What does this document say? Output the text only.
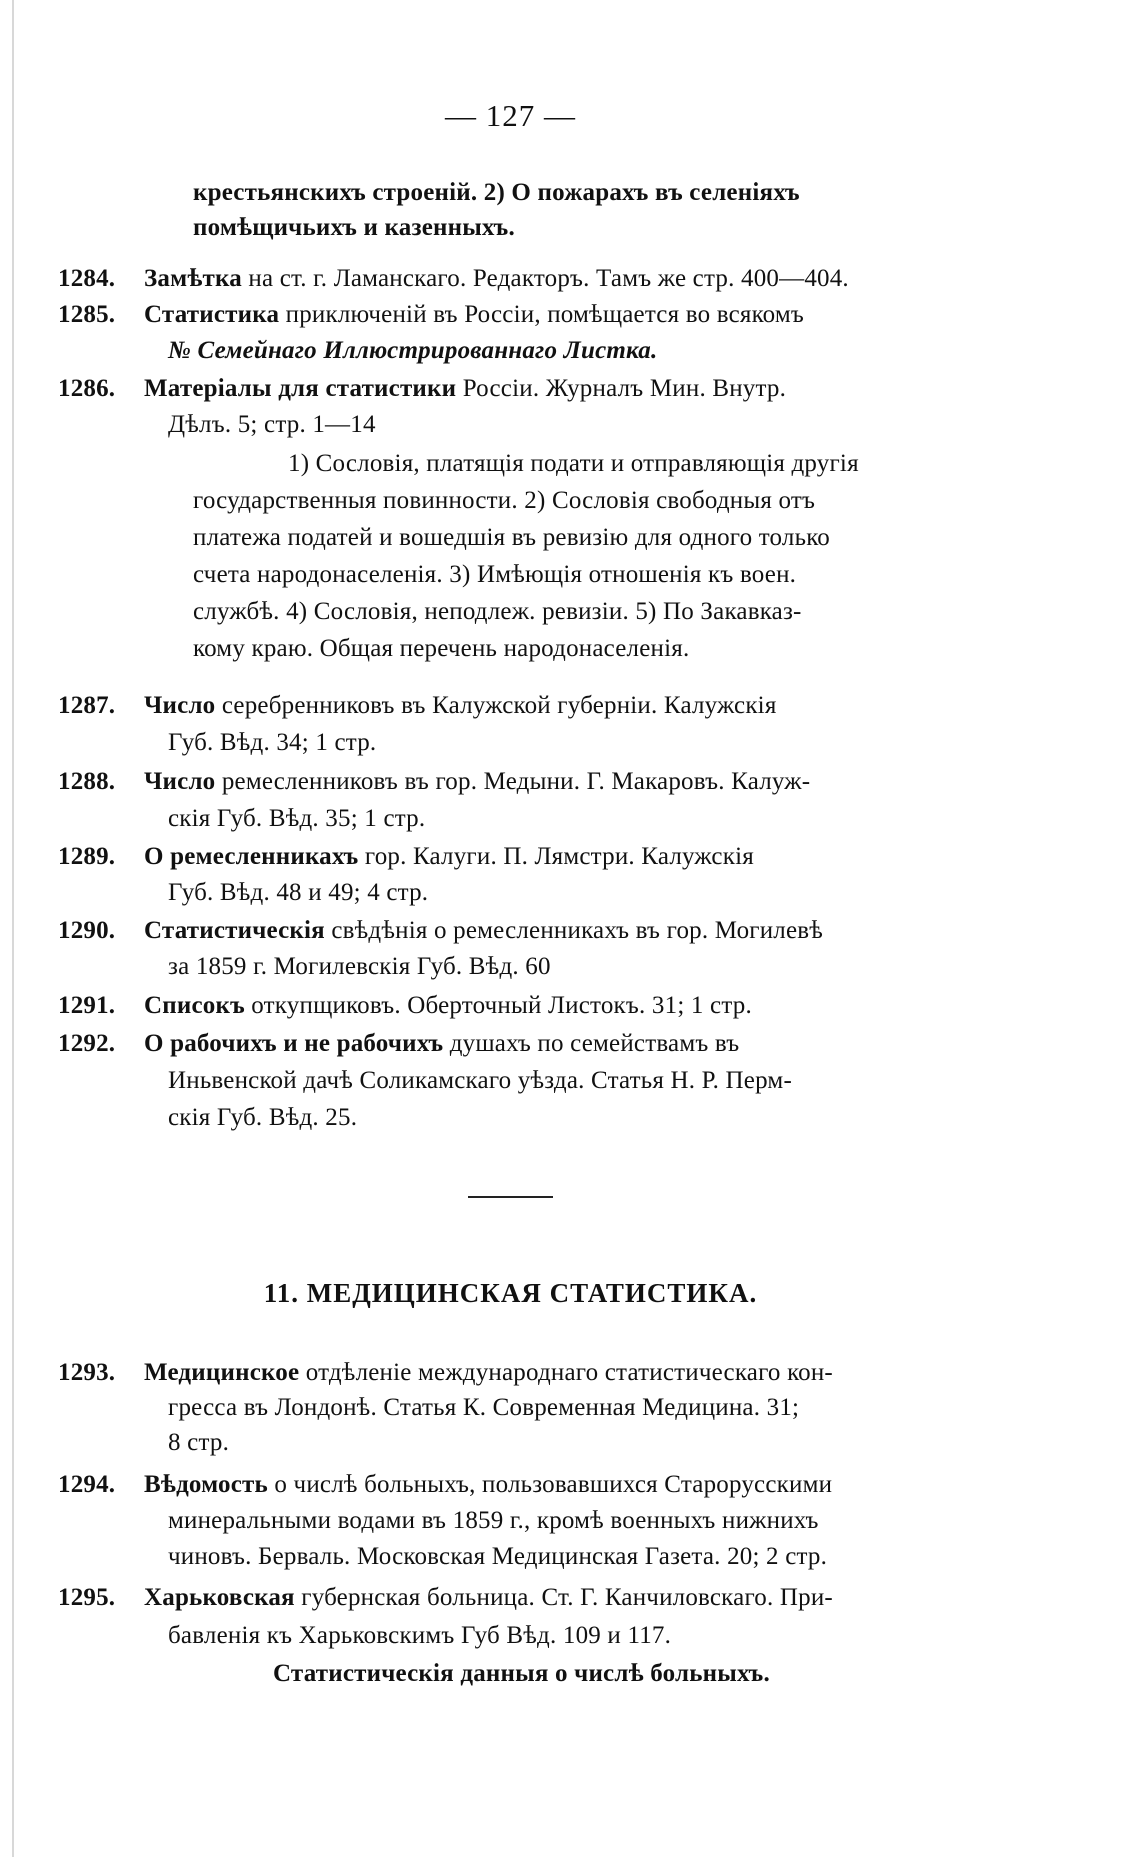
— 127 —
крестьянскихъ строеній. 2) О пожарахъ въ селеніяхъ
помѣщичьихъ и казенныхъ.
1284. Замѣтка на ст. г. Ламанскаго. Редакторъ. Тамъ же стр. 400—404.
1285. Статистика приключеній въ Россіи, помѣщается во всякомъ
№ Семейнаго Иллюстрированнаго Листка.
1286. Матеріалы для статистики Россіи. Журналъ Мин. Внутр.
Дѣлъ. 5; стр. 1—14
1) Сословія, платящія подати и отправляющія другія
государственныя повинности. 2) Сословія свободныя отъ
платежа податей и вошедшія въ ревизію для одного только
счета народонаселенія. 3) Имѣющія отношенія къ воен.
службѣ. 4) Сословія, неподлеж. ревизіи. 5) По Закавказ-
кому краю. Общая перечень народонаселенія.
1287. Число серебренниковъ въ Калужской губерніи. Калужскія
Губ. Вѣд. 34; 1 стр.
1288. Число ремесленниковъ въ гор. Медыни. Г. Макаровъ. Калуж-
скія Губ. Вѣд. 35; 1 стр.
1289. О ремесленникахъ гор. Калуги. П. Лямстри. Калужскія
Губ. Вѣд. 48 и 49; 4 стр.
1290. Статистическія свѣдѣнія о ремесленникахъ въ гор. Могилевѣ
за 1859 г. Могилевскія Губ. Вѣд. 60
1291. Списокъ откупщиковъ. Оберточный Листокъ. 31; 1 стр.
1292. О рабочихъ и не рабочихъ душахъ по семействамъ въ
Иньвенской дачѣ Соликамскаго уѣзда. Статья Н. Р. Перм-
скія Губ. Вѣд. 25.
11. МЕДИЦИНСКАЯ СТАТИСТИКА.
1293. Медицинское отдѣленіе международнаго статистическаго кон-
гресса въ Лондонѣ. Статья К. Современная Медицина. 31;
8 стр.
1294. Вѣдомость о числѣ больныхъ, пользовавшихся Старорусскими
минеральными водами въ 1859 г., кромѣ военныхъ нижнихъ
чиновъ. Берваль. Московская Медицинская Газета. 20; 2 стр.
1295. Харьковская губернская больница. Ст. Г. Канчиловскаго. При-
бавленія къ Харьковскимъ Губ Вѣд. 109 и 117.
Статистическія данныя о числѣ больныхъ.
